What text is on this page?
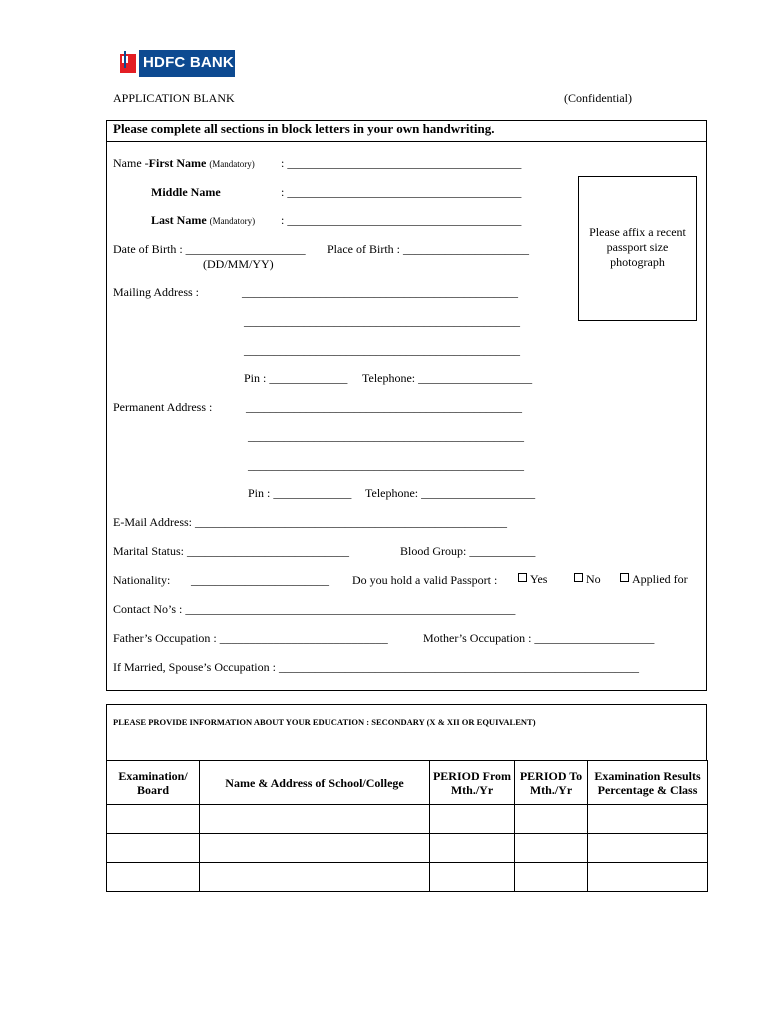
HDFC BANK
APPLICATION BLANK	(Confidential)
Please complete all sections in block letters in your own handwriting.
Name -First Name (Mandatory) : _______________________________________
Middle Name	: _______________________________________
Last Name (Mandatory) : _______________________________________
Date of Birth : ____________________ Place of Birth : _____________________
(DD/MM/YY)
Please affix a recent passport size photograph
Mailing Address :	______________________________________________
______________________________________________
______________________________________________
Pin : _____________ Telephone: ___________________
Permanent Address :	______________________________________________
______________________________________________
______________________________________________
Pin : _____________ Telephone: ___________________
E-Mail Address: ____________________________________________________
Marital Status: ___________________________	Blood Group: ___________
Nationality: _______________________ Do you hold a valid Passport :	Yes	No	Applied for
Contact No’s : _______________________________________________________
Father’s Occupation : ____________________________	Mother’s Occupation : ____________________
If Married, Spouse’s Occupation : ____________________________________________________________
PLEASE PROVIDE INFORMATION ABOUT YOUR EDUCATION : SECONDARY (X & XII OR EQUIVALENT)
Examination/ Board	Name & Address of School/College	PERIOD From Mth./Yr	PERIOD To Mth./Yr	Examination Results Percentage & Class
